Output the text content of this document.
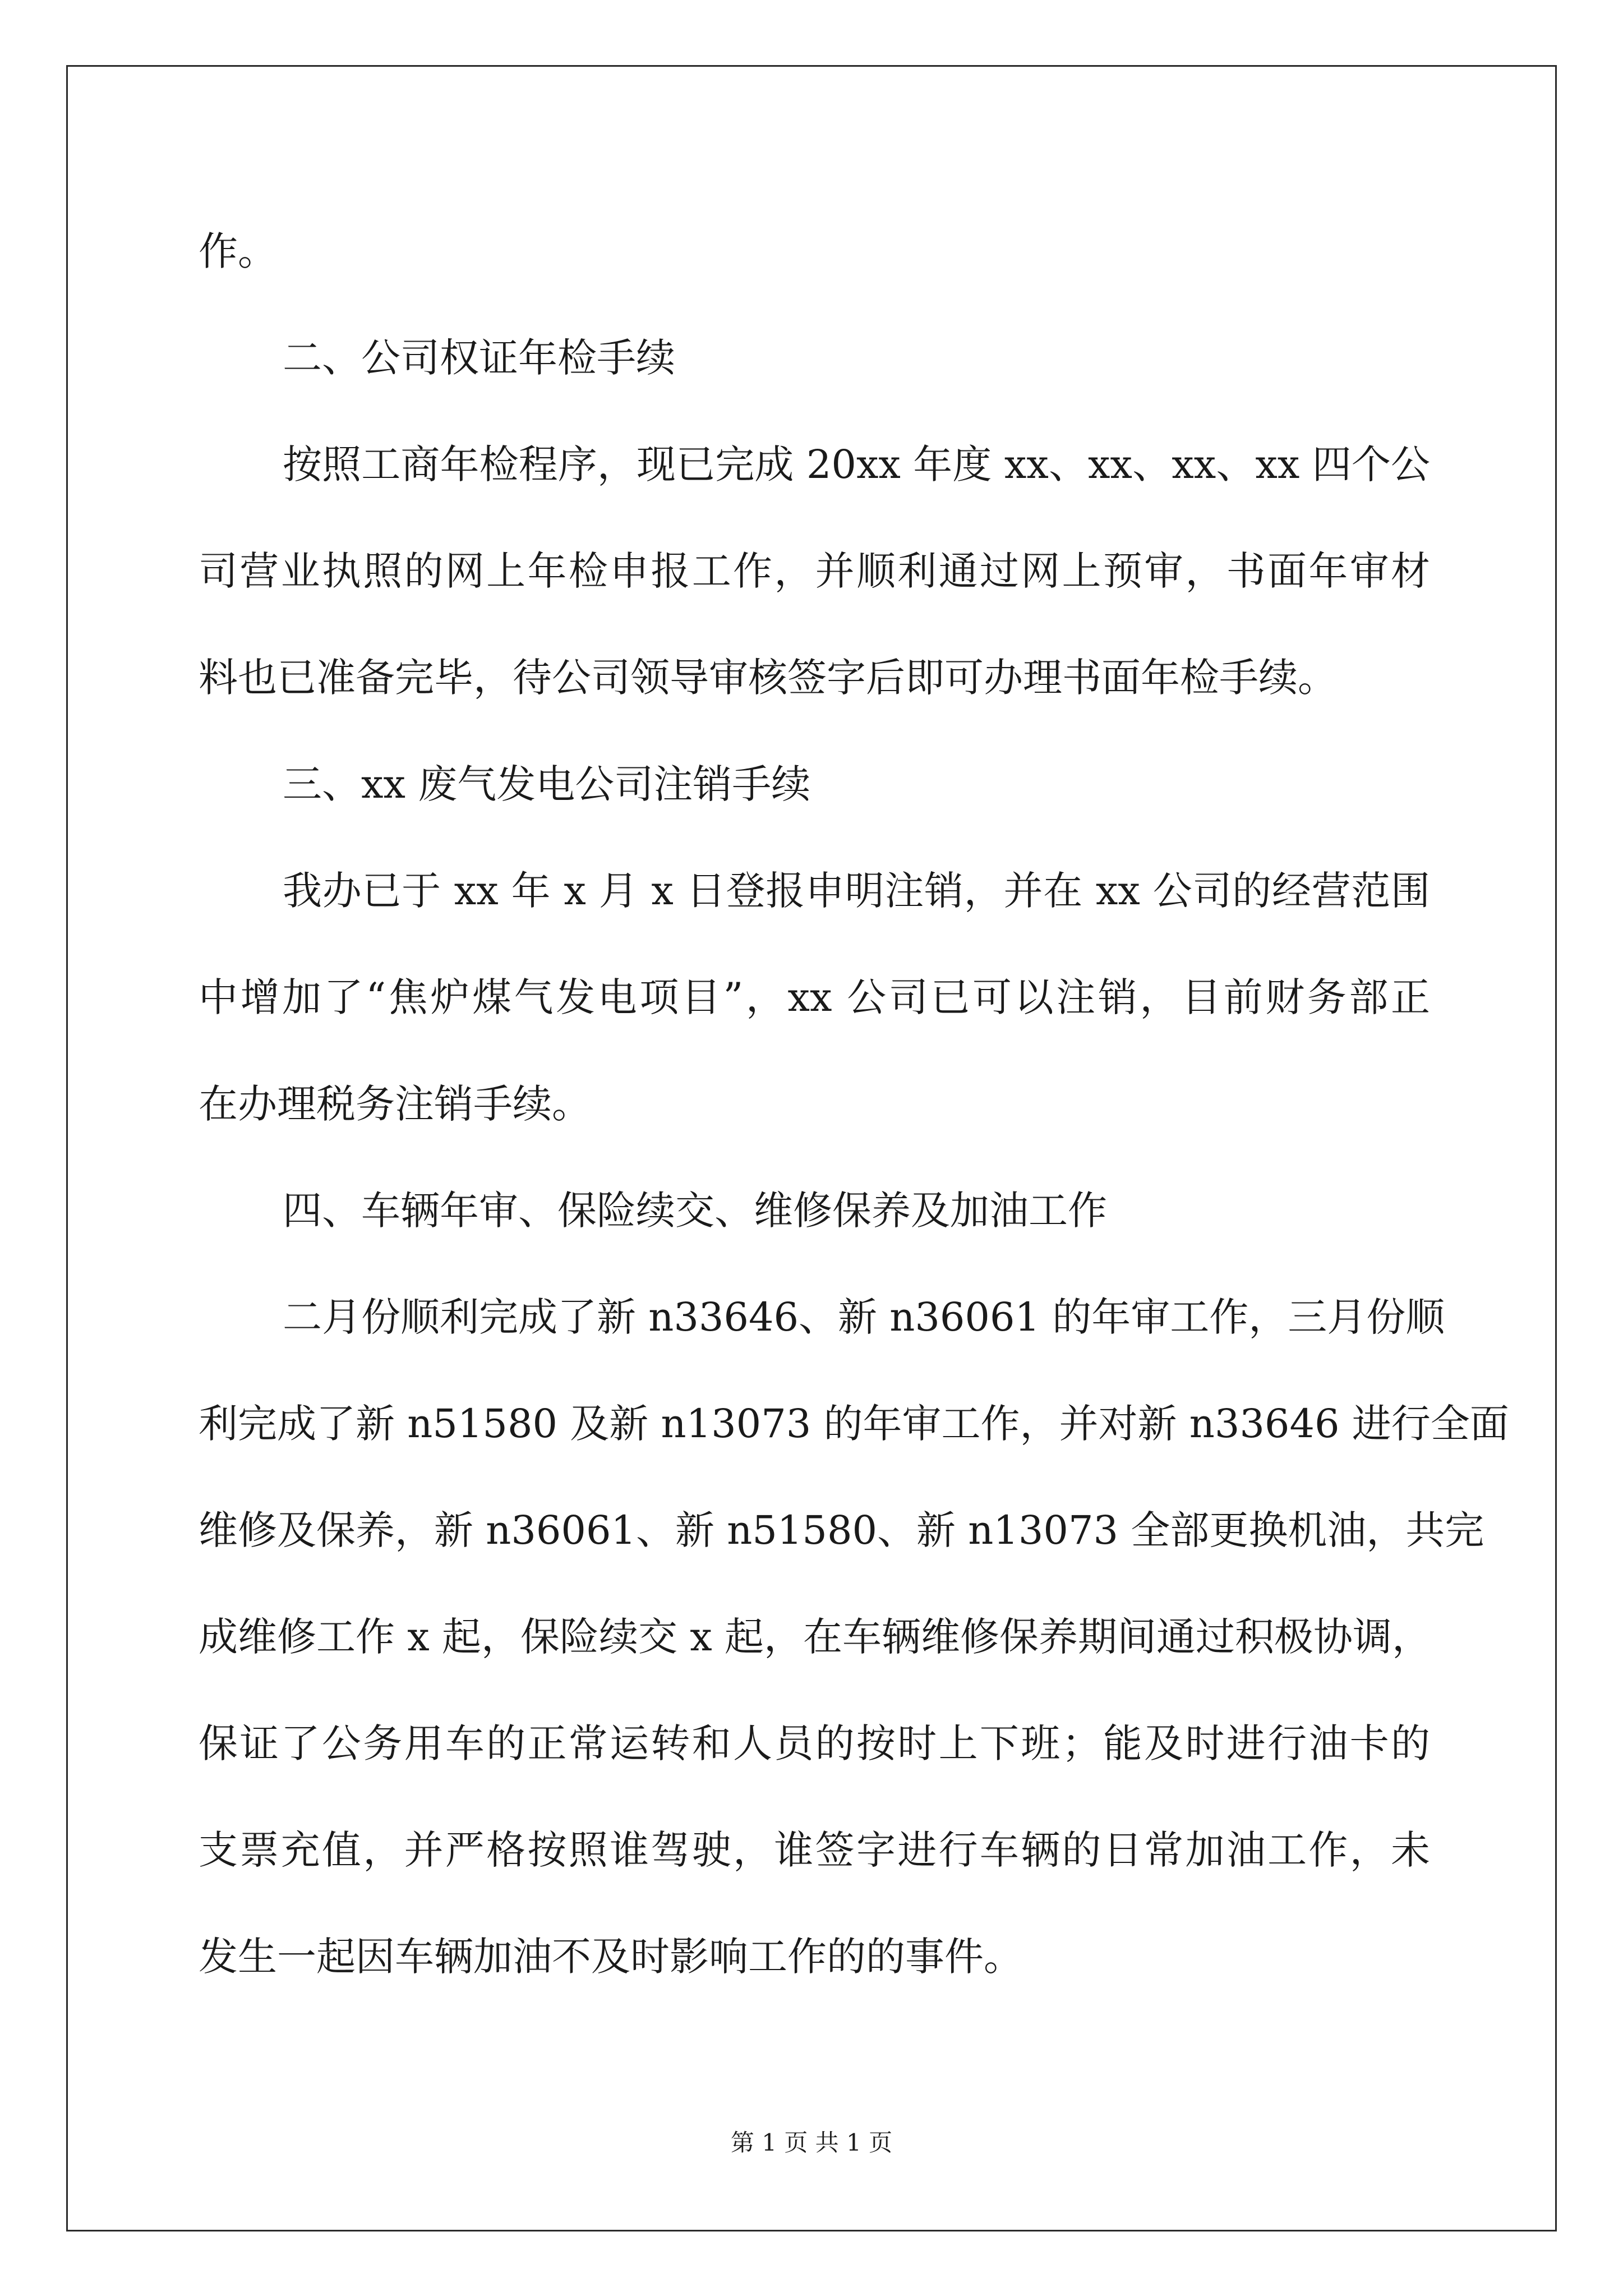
作。
二、公司权证年检手续
按照工商年检程序，现已完成 20xx 年度 xx、xx、xx、xx 四个公
司营业执照的网上年检申报工作，并顺利通过网上预审，书面年审材
料也已准备完毕，待公司领导审核签字后即可办理书面年检手续。
三、xx 废气发电公司注销手续
我办已于 xx 年 x 月 x 日登报申明注销，并在 xx 公司的经营范围
中增加了“焦炉煤气发电项目”，xx 公司已可以注销，目前财务部正
在办理税务注销手续。
四、车辆年审、保险续交、维修保养及加油工作
二月份顺利完成了新 n33646、新 n36061 的年审工作，三月份顺
利完成了新 n51580 及新 n13073 的年审工作，并对新 n33646 进行全面
维修及保养，新 n36061、新 n51580、新 n13073 全部更换机油，共完
成维修工作 x 起，保险续交 x 起，在车辆维修保养期间通过积极协调，
保证了公务用车的正常运转和人员的按时上下班；能及时进行油卡的
支票充值，并严格按照谁驾驶，谁签字进行车辆的日常加油工作，未
发生一起因车辆加油不及时影响工作的的事件。
第 1 页 共 1 页
